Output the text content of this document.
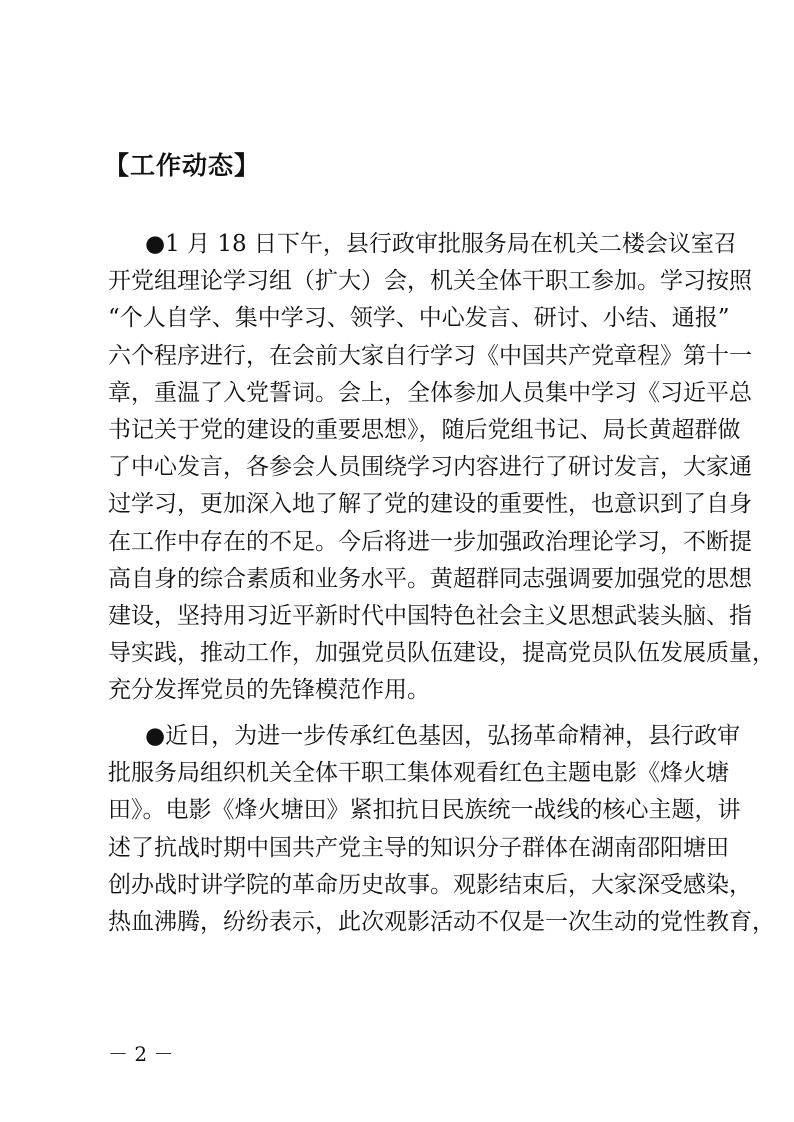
【工作动态】
●1 月 18 日下午，县行政审批服务局在机关二楼会议室召
开党组理论学习组（扩大）会，机关全体干职工参加。学习按照
“个人自学、集中学习、领学、中心发言、研讨、小结、通报”
六个程序进行，在会前大家自行学习《中国共产党章程》第十一
章，重温了入党誓词。会上，全体参加人员集中学习《习近平总
书记关于党的建设的重要思想》，随后党组书记、局长黄超群做
了中心发言，各参会人员围绕学习内容进行了研讨发言，大家通
过学习，更加深入地了解了党的建设的重要性，也意识到了自身
在工作中存在的不足。今后将进一步加强政治理论学习，不断提
高自身的综合素质和业务水平。黄超群同志强调要加强党的思想
建设，坚持用习近平新时代中国特色社会主义思想武装头脑、指
导实践，推动工作，加强党员队伍建设，提高党员队伍发展质量，
充分发挥党员的先锋模范作用。
●近日，为进一步传承红色基因，弘扬革命精神，县行政审
批服务局组织机关全体干职工集体观看红色主题电影《烽火塘
田》。电影《烽火塘田》紧扣抗日民族统一战线的核心主题，讲
述了抗战时期中国共产党主导的知识分子群体在湖南邵阳塘田
创办战时讲学院的革命历史故事。观影结束后，大家深受感染，
热血沸腾，纷纷表示，此次观影活动不仅是一次生动的党性教育，
－ 2 －
